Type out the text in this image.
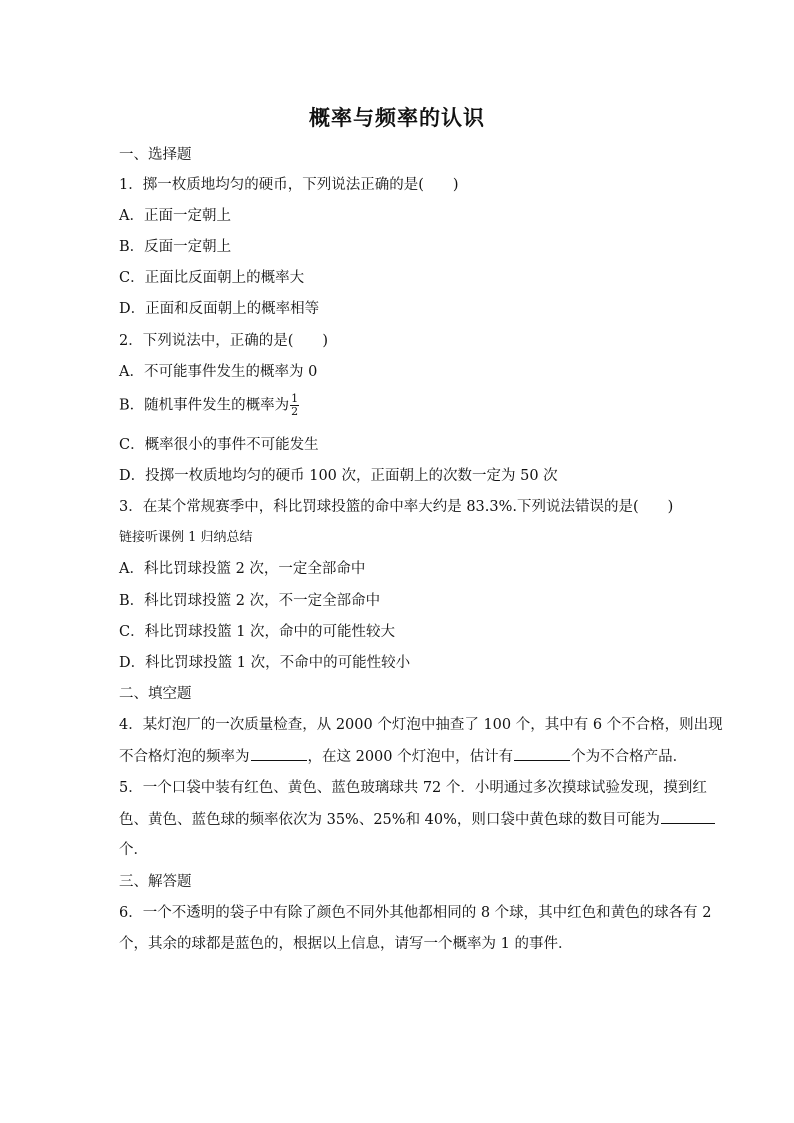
概率与频率的认识
一、选择题
1．掷一枚质地均匀的硬币，下列说法正确的是(　　)
A．正面一定朝上
B．反面一定朝上
C．正面比反面朝上的概率大
D．正面和反面朝上的概率相等
2．下列说法中，正确的是(　　)
A．不可能事件发生的概率为 0
B．随机事件发生的概率为 $\frac{1}{2}$
C．概率很小的事件不可能发生
D．投掷一枚质地均匀的硬币 100 次，正面朝上的次数一定为 50 次
3．在某个常规赛季中，科比罚球投篮的命中率大约是 83.3%.下列说法错误的是(　　)
链接听课例 1 归纳总结
A．科比罚球投篮 2 次，一定全部命中
B．科比罚球投篮 2 次，不一定全部命中
C．科比罚球投篮 1 次，命中的可能性较大
D．科比罚球投篮 1 次，不命中的可能性较小
二、填空题
4．某灯泡厂的一次质量检查，从 2000 个灯泡中抽查了 100 个，其中有 6 个不合格，则出现
不合格灯泡的频率为	，在这 2000 个灯泡中，估计有	个为不合格产品．
5．一个口袋中装有红色、黄色、蓝色玻璃球共 72 个．小明通过多次摸球试验发现，摸到红
色、黄色、蓝色球的频率依次为 35%、25%和 40%，则口袋中黄色球的数目可能为
个．
三、解答题
6．一个不透明的袋子中有除了颜色不同外其他都相同的 8 个球，其中红色和黄色的球各有 2
个，其余的球都是蓝色的，根据以上信息，请写一个概率为 1 的事件．
